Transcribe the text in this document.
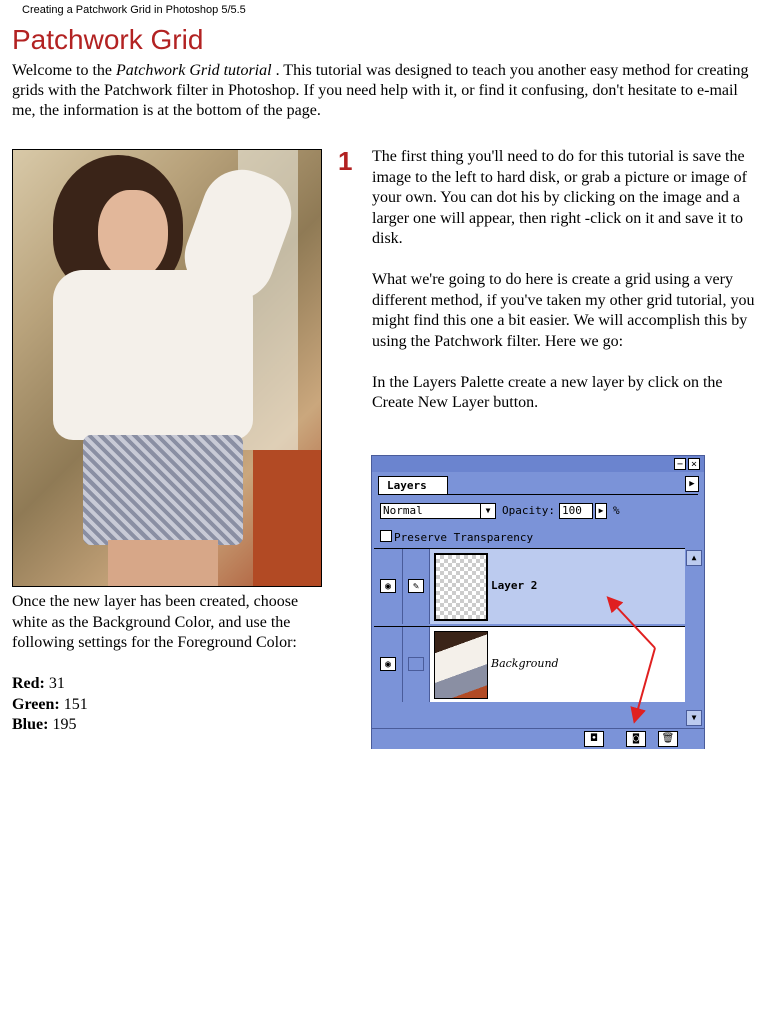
Creating a Patchwork Grid in Photoshop 5/5.5
Patchwork Grid
Welcome to the Patchwork Grid tutorial . This tutorial was designed to teach you another easy method for creating grids with the Patchwork filter in Photoshop. If you need help with it, or find it confusing, don't hesitate to e-mail me, the information is at the bottom of the page.
1 The first thing you'll need to do for this tutorial is save the image to the left to hard disk, or grab a picture or image of your own. You can dot his by clicking on the image and a larger one will appear, then right -click on it and save it to disk.

What we're going to do here is create a grid using a very different method, if you've taken my other grid tutorial, you might find this one a bit easier. We will accomplish this by using the Patchwork filter. Here we go:

In the Layers Palette create a new layer by click on the Create New Layer button.

Once the new layer has been created, choose white as the Background Color, and use the following settings for the Foreground Color:

Red: 31
Green: 151
Blue: 195
− ×
Layers	▶
Normal	▼	Opacity: 100	▶ %
Preserve Transparency
◉	✎	Layer 2
◉	Background
▲
▼
◘	◙	🗑
